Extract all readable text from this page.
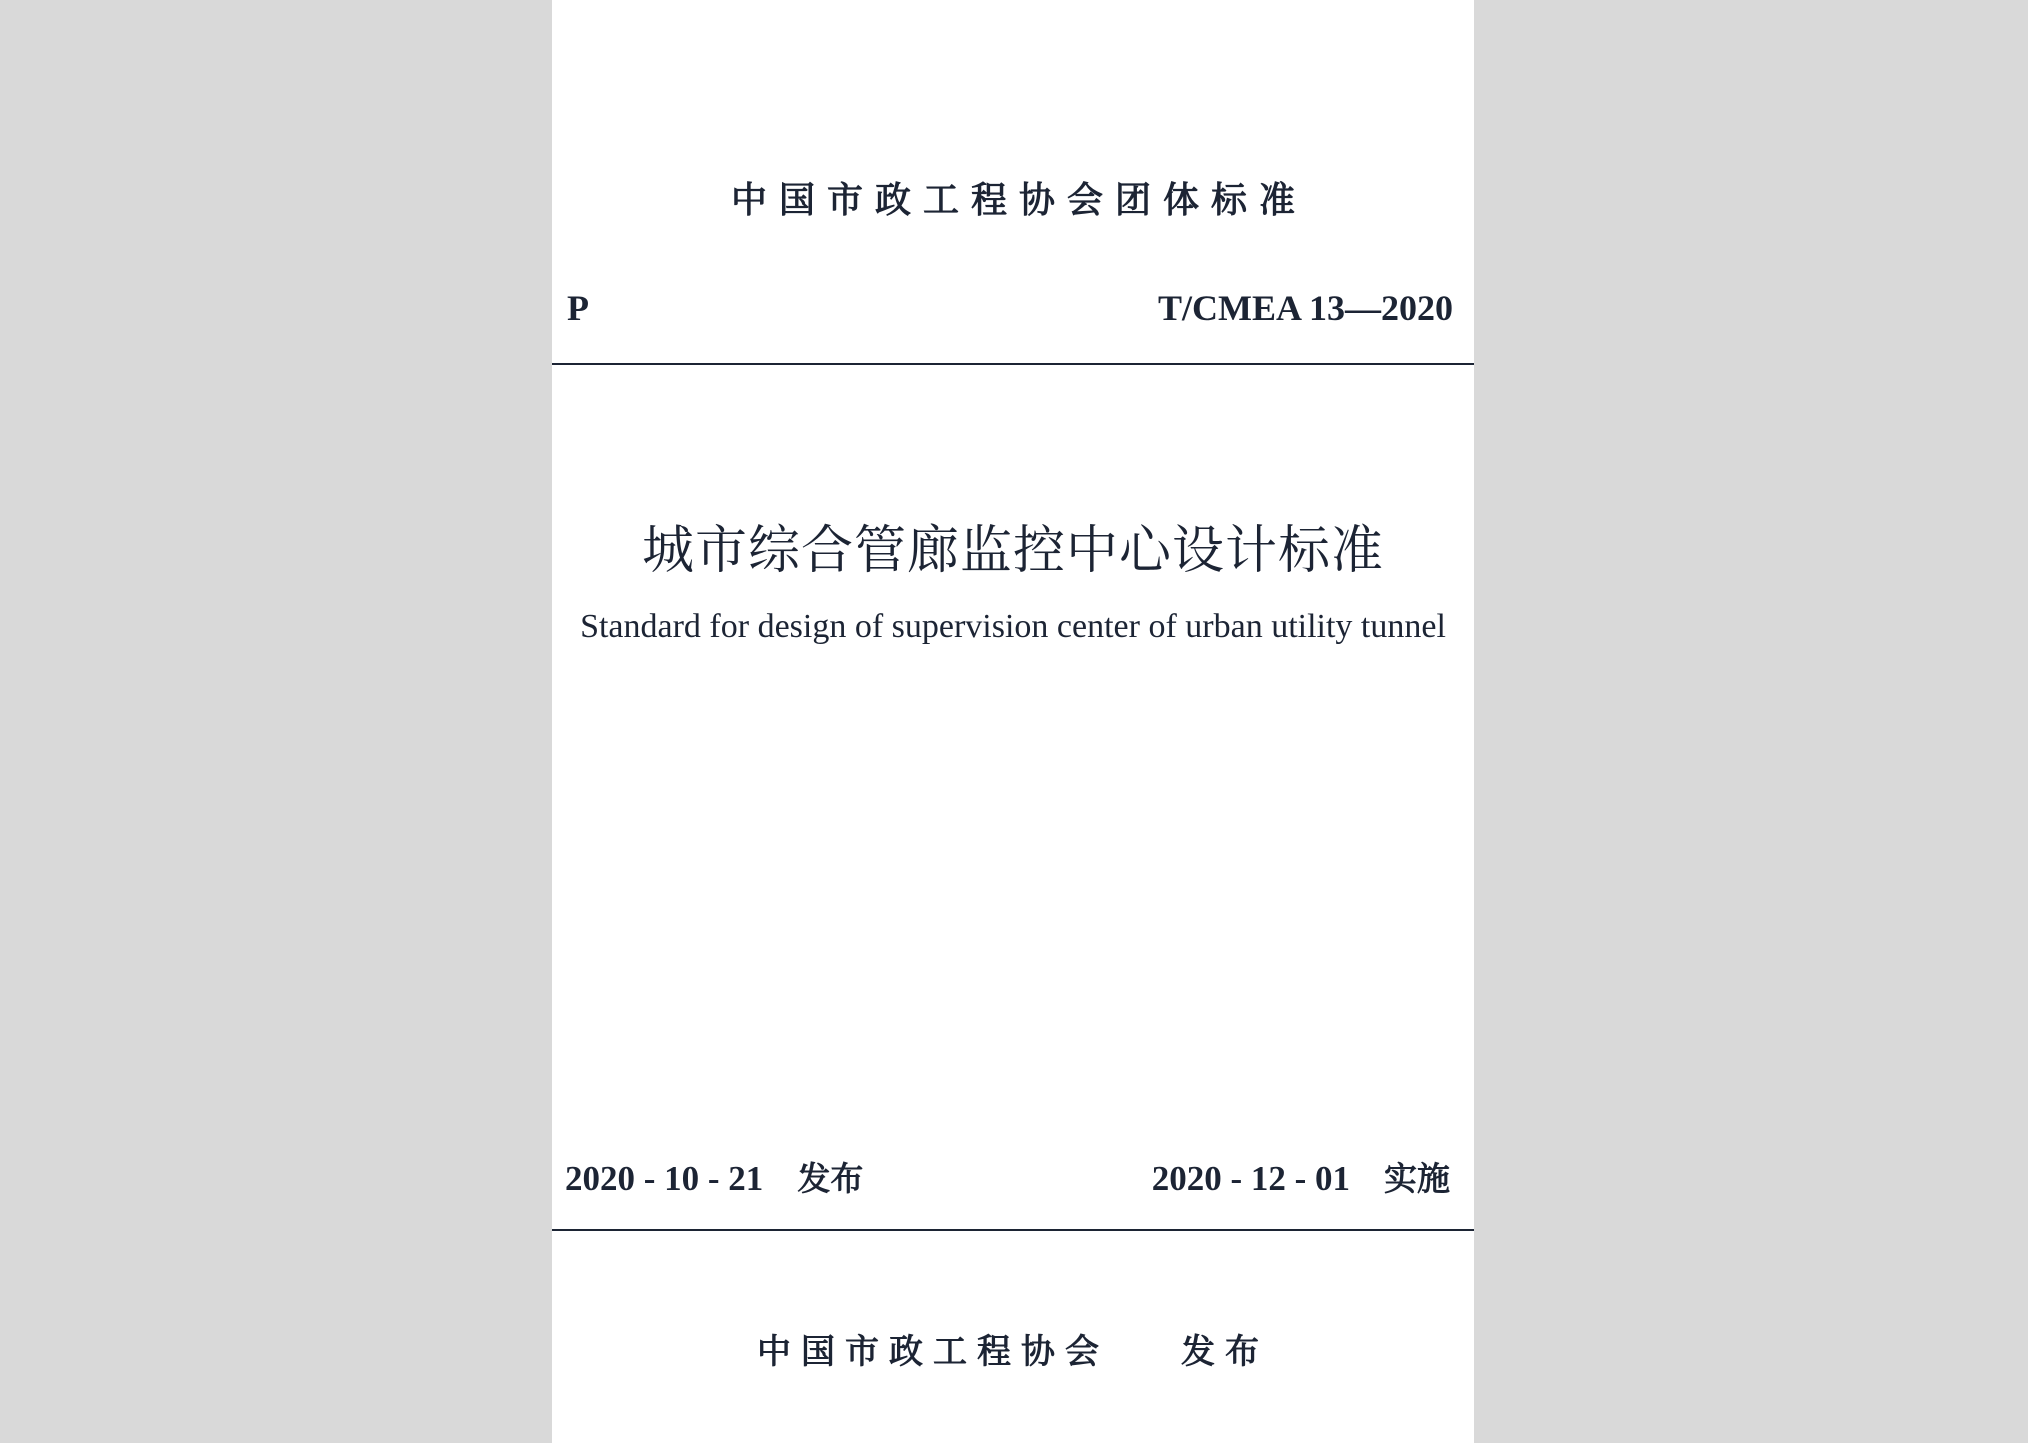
中国市政工程协会团体标准
P	T/CMEA 13—2020
城市综合管廊监控中心设计标准
Standard for design of supervision center of urban utility tunnel
2020 - 10 - 21 发布	2020 - 12 - 01 实施
中国市政工程协会 发布
